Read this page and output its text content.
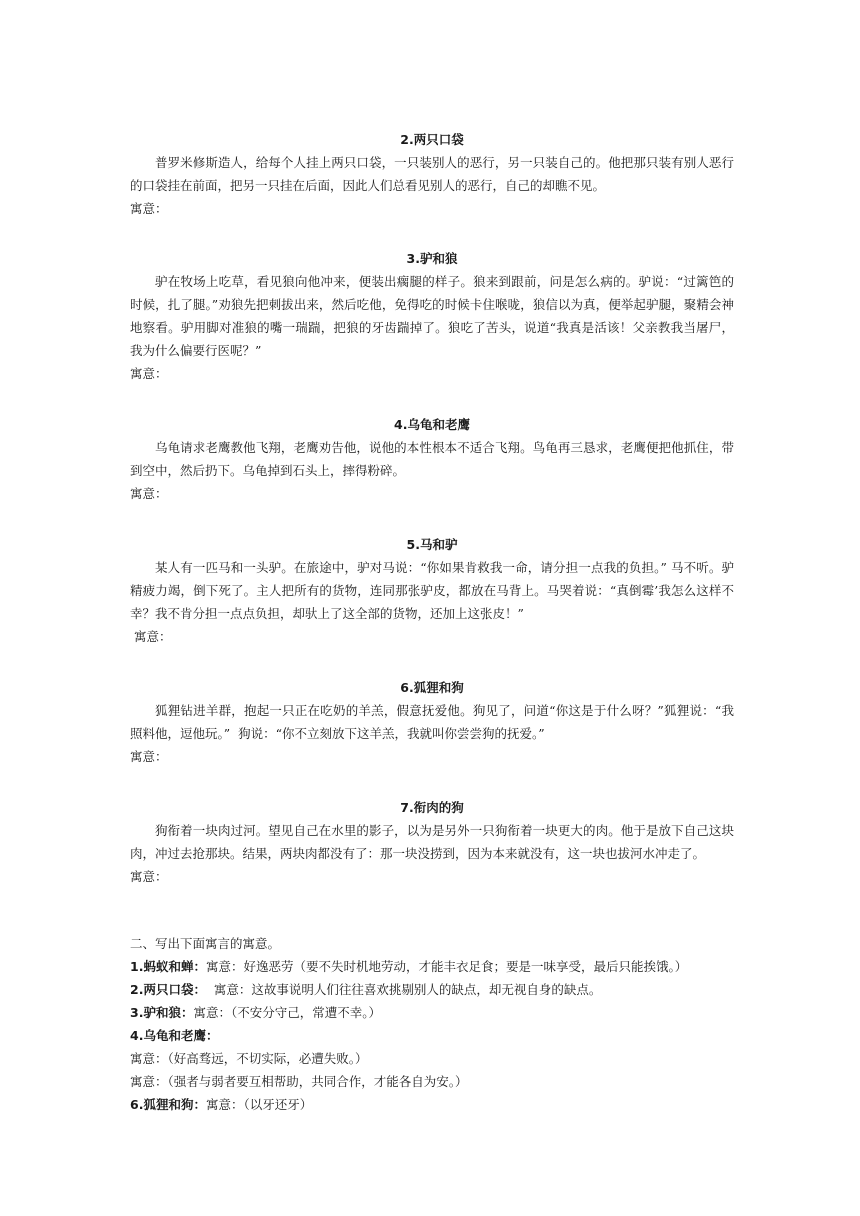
2.两只口袋

普罗米修斯造人，给每个人挂上两只口袋，一只装别人的恶行，另一只装自己的。他把那只装有别人恶行的口袋挂在前面，把另一只挂在后面，因此人们总看见别人的恶行，自己的却瞧不见。

寓意：

3.驴和狼

驴在牧场上吃草，看见狼向他冲来，便装出瘸腿的样子。狼来到跟前，问是怎么病的。驴说：“过篱笆的时候，扎了腿。”劝狼先把刺拔出来，然后吃他，免得吃的时候卡住喉咙，狼信以为真，便举起驴腿，聚精会神地察看。驴用脚对准狼的嘴一瑞踹，把狼的牙齿踹掉了。狼吃了苦头，说道“我真是活该！父亲教我当屠尸，我为什么偏要行医呢？”

寓意：

4.乌龟和老鹰

乌龟请求老鹰教他飞翔，老鹰劝告他，说他的本性根本不适合飞翔。鸟龟再三恳求，老鹰便把他抓住，带到空中，然后扔下。乌龟掉到石头上，摔得粉碎。

寓意：

5.马和驴

某人有一匹马和一头驴。在旅途中，驴对马说：“你如果肯救我一命，请分担一点我的负担。” 马不听。驴精疲力竭，倒下死了。主人把所有的货物，连同那张驴皮，都放在马背上。马哭着说：“真倒霉’我怎么这样不幸？我不肯分担一点点负担，却驮上了这全部的货物，还加上这张皮！”

寓意：

6.狐狸和狗

狐狸钻进羊群，抱起一只正在吃奶的羊羔，假意抚爱他。狗见了，问道“你这是于什么呀？”狐狸说：“我照料他，逗他玩。”  狗说：“你不立刻放下这羊羔，我就叫你尝尝狗的抚爱。”

寓意：

7.衔肉的狗

狗衔着一块肉过河。望见自己在水里的影子，以为是另外一只狗衔着一块更大的肉。他于是放下自己这块肉，冲过去抢那块。结果，两块肉都没有了：那一块没捞到，因为本来就没有，这一块也拔河水冲走了。

寓意：

二、写出下面寓言的寓意。

1.蚂蚁和蝉：寓意：好逸恶劳（要不失时机地劳动，才能丰衣足食；要是一味享受，最后只能挨饿。）

2.两只口袋：  寓意：这故事说明人们往往喜欢挑剔别人的缺点，却无视自身的缺点。

3.驴和狼：寓意：（不安分守己，常遭不幸。）

4.乌龟和老鹰：

寓意：（好高骛远，不切实际，必遭失败。）

寓意：（强者与弱者要互相帮助，共同合作，才能各自为安。）

6.狐狸和狗：寓意：（以牙还牙）
